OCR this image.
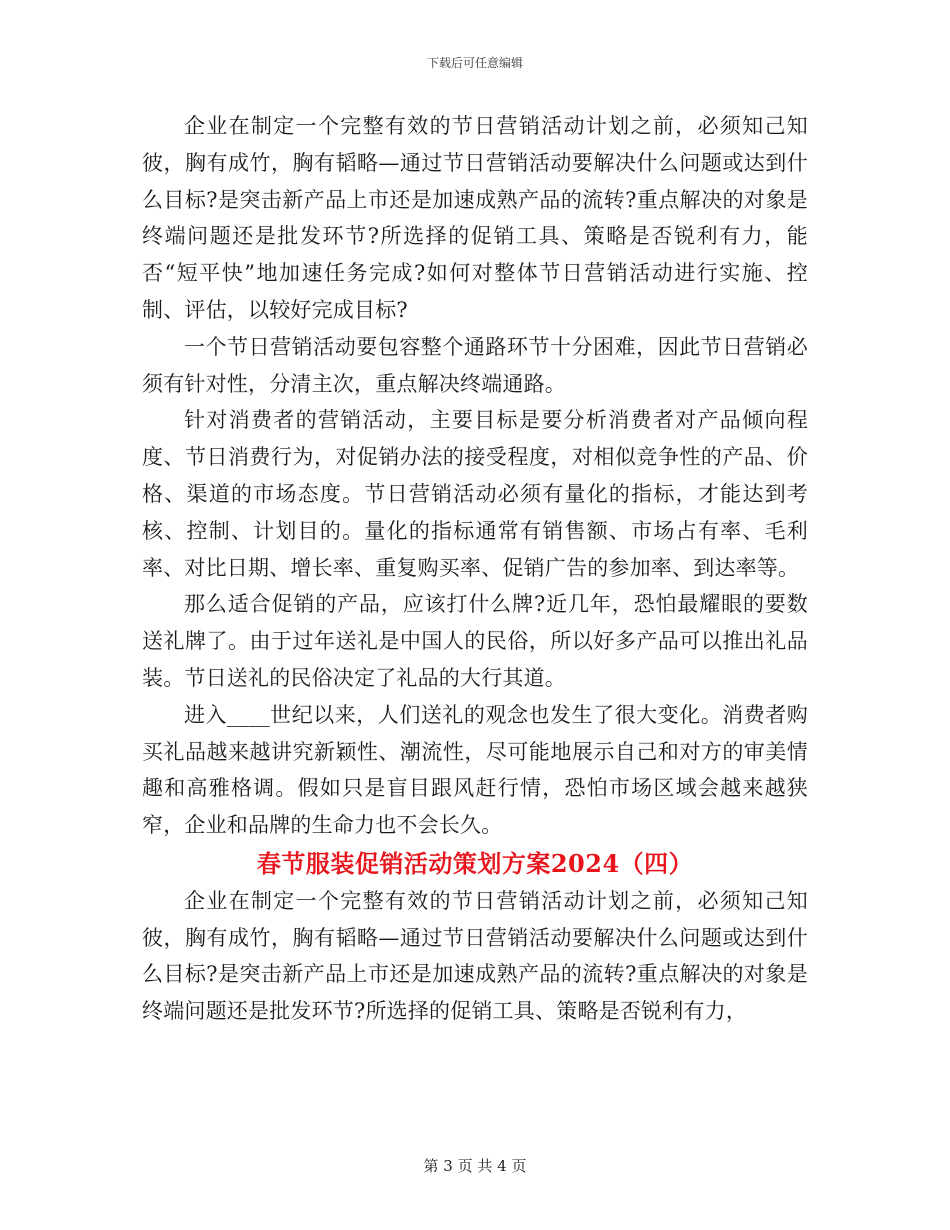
下载后可任意编辑

企业在制定一个完整有效的节日营销活动计划之前，必须知己知彼，胸有成竹，胸有韬略—通过节日营销活动要解决什么问题或达到什么目标?是突击新产品上市还是加速成熟产品的流转?重点解决的对象是终端问题还是批发环节?所选择的促销工具、策略是否锐利有力，能否“短平快”地加速任务完成?如何对整体节日营销活动进行实施、控制、评估，以较好完成目标?

一个节日营销活动要包容整个通路环节十分困难，因此节日营销必须有针对性，分清主次，重点解决终端通路。

针对消费者的营销活动，主要目标是要分析消费者对产品倾向程度、节日消费行为，对促销办法的接受程度，对相似竞争性的产品、价格、渠道的市场态度。节日营销活动必须有量化的指标，才能达到考核、控制、计划目的。量化的指标通常有销售额、市场占有率、毛利率、对比日期、增长率、重复购买率、促销广告的参加率、到达率等。

那么适合促销的产品，应该打什么牌?近几年，恐怕最耀眼的要数送礼牌了。由于过年送礼是中国人的民俗，所以好多产品可以推出礼品装。节日送礼的民俗决定了礼品的大行其道。

进入____世纪以来，人们送礼的观念也发生了很大变化。消费者购买礼品越来越讲究新颖性、潮流性，尽可能地展示自己和对方的审美情趣和高雅格调。假如只是盲目跟风赶行情，恐怕市场区域会越来越狭窄，企业和品牌的生命力也不会长久。

春节服装促销活动策划方案2024（四）

企业在制定一个完整有效的节日营销活动计划之前，必须知己知彼，胸有成竹，胸有韬略—通过节日营销活动要解决什么问题或达到什么目标?是突击新产品上市还是加速成熟产品的流转?重点解决的对象是终端问题还是批发环节?所选择的促销工具、策略是否锐利有力，

第 3 页 共 4 页
